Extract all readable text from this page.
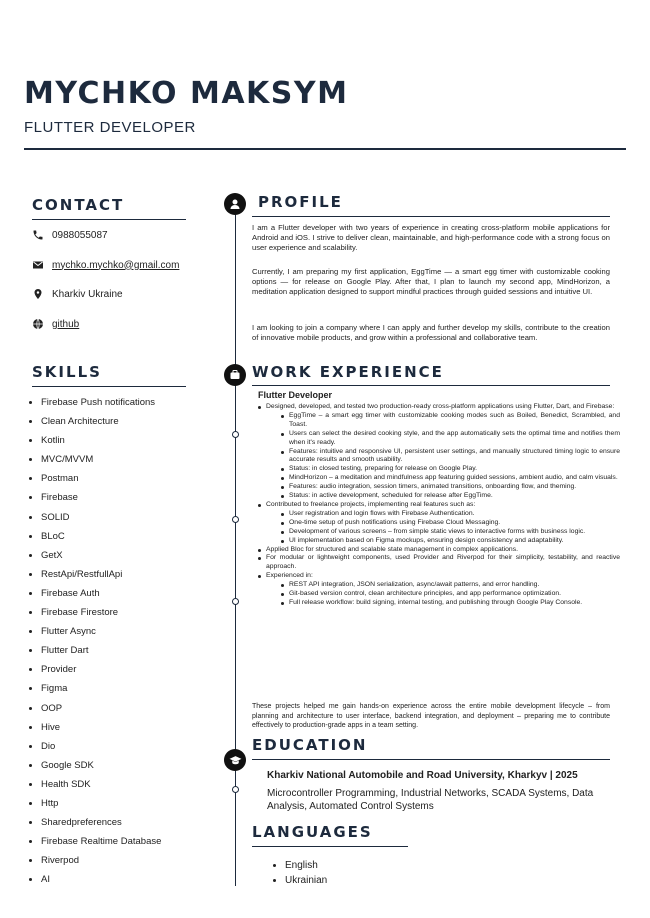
MYCHKO MAKSYM
FLUTTER DEVELOPER
CONTACT
0988055087
mychko.mychko@gmail.com
Kharkiv Ukraine
github
SKILLS
Firebase Push notifications
Clean Architecture
Kotlin
MVC/MVVM
Postman
Firebase
SOLID
BLoC
GetX
RestApi/RestfullApi
Firebase Auth
Firebase Firestore
Flutter Async
Flutter Dart
Provider
Figma
OOP
Hive
Dio
Google SDK
Health SDK
Http
Sharedpreferences
Firebase Realtime Database
Riverpod
AI
PROFILE

I am a Flutter developer with two years of experience in creating cross-platform mobile applications for Android and iOS. I strive to deliver clean, maintainable, and high-performance code with a strong focus on user experience and scalability.

Currently, I am preparing my first application, EggTime — a smart egg timer with customizable cooking options — for release on Google Play. After that, I plan to launch my second app, MindHorizon, a meditation application designed to support mindful practices through guided sessions and intuitive UI.

I am looking to join a company where I can apply and further develop my skills, contribute to the creation of innovative mobile products, and grow within a professional and collaborative team.

WORK EXPERIENCE
Flutter Developer
Designed, developed, and tested two production-ready cross-platform applications using Flutter, Dart, and Firebase:
EggTime – a smart egg timer with customizable cooking modes such as Boiled, Benedict, Scrambled, and Toast.
Users can select the desired cooking style, and the app automatically sets the optimal time and notifies them when it's ready.
Features: intuitive and responsive UI, persistent user settings, and manually structured timing logic to ensure accurate results and smooth usability.
Status: in closed testing, preparing for release on Google Play.
MindHorizon – a meditation and mindfulness app featuring guided sessions, ambient audio, and calm visuals.
Features: audio integration, session timers, animated transitions, onboarding flow, and theming.
Status: in active development, scheduled for release after EggTime.
Contributed to freelance projects, implementing real features such as:
User registration and login flows with Firebase Authentication.
One-time setup of push notifications using Firebase Cloud Messaging.
Development of various screens – from simple static views to interactive forms with business logic.
UI implementation based on Figma mockups, ensuring design consistency and adaptability.
Applied Bloc for structured and scalable state management in complex applications.
For modular or lightweight components, used Provider and Riverpod for their simplicity, testability, and reactive approach.
Experienced in:
REST API integration, JSON serialization, async/await patterns, and error handling.
Git-based version control, clean architecture principles, and app performance optimization.
Full release workflow: build signing, internal testing, and publishing through Google Play Console.

These projects helped me gain hands-on experience across the entire mobile development lifecycle – from planning and architecture to user interface, backend integration, and deployment – preparing me to contribute effectively to production-grade apps in a team setting.

EDUCATION
Kharkiv National Automobile and Road University, Kharkyv | 2025

Microcontroller Programming, Industrial Networks, SCADA Systems, Data Analysis, Automated Control Systems

LANGUAGES
English
Ukrainian
